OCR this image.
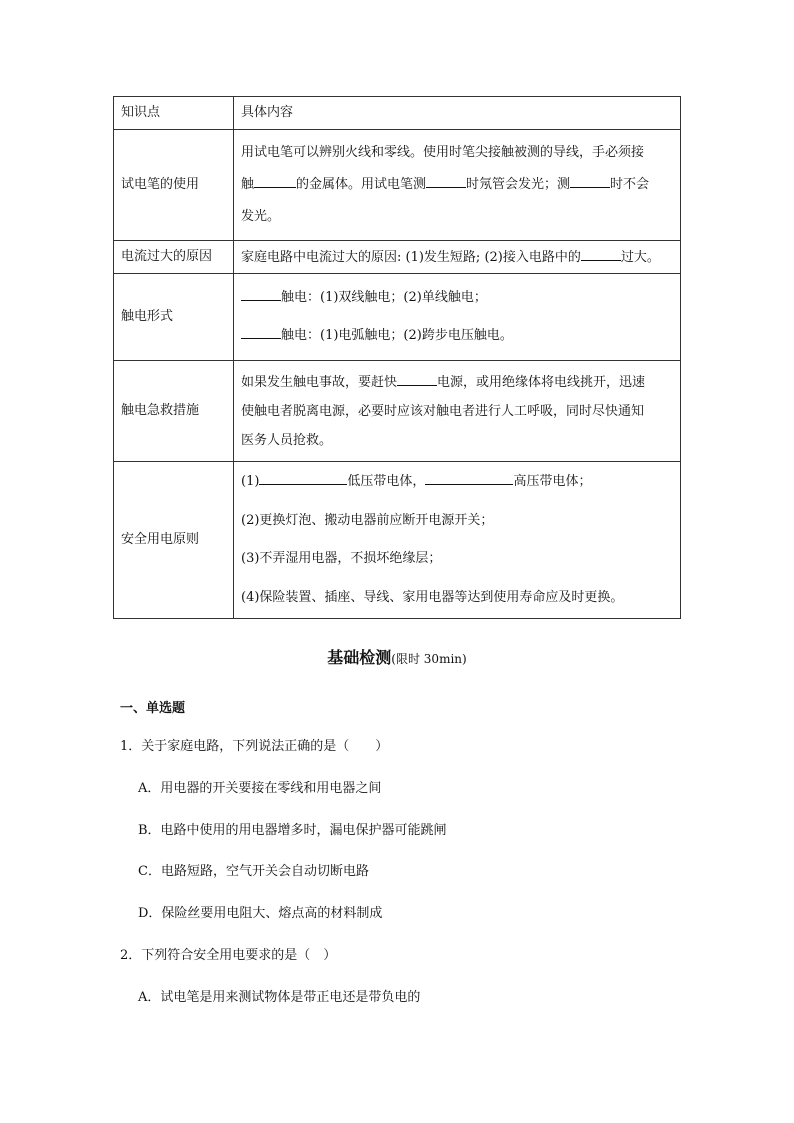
知识点	具体内容
试电笔的使用	用试电笔可以辨别火线和零线。使用时笔尖接触被测的导线，手必须接
触 的金属体。用试电笔测 时氖管会发光；测 时不会
发光。

电流过大的原因	家庭电路中电流过大的原因: (1)发生短路; (2)接入电路中的 过大。
触电形式	触电：(1)双线触电；(2)单线触电；
触电：(1)电弧触电；(2)跨步电压触电。

触电急救措施	如果发生触电事故，要赶快 电源，或用绝缘体将电线挑开，迅速
使触电者脱离电源，必要时应该对触电者进行人工呼吸，同时尽快通知
医务人员抢救。

安全用电原则	(1) 低压带电体， 高压带电体；
(2)更换灯泡、搬动电器前应断开电源开关；
(3)不弄湿用电器，不损坏绝缘层；
(4)保险装置、插座、导线、家用电器等达到使用寿命应及时更换。
基础检测(限时 30min)
一、单选题
1．关于家庭电路，下列说法正确的是（　　）
A．用电器的开关要接在零线和用电器之间
B．电路中使用的用电器增多时，漏电保护器可能跳闸
C．电路短路，空气开关会自动切断电路
D．保险丝要用电阻大、熔点高的材料制成
2．下列符合安全用电要求的是（　）
A．试电笔是用来测试物体是带正电还是带负电的
